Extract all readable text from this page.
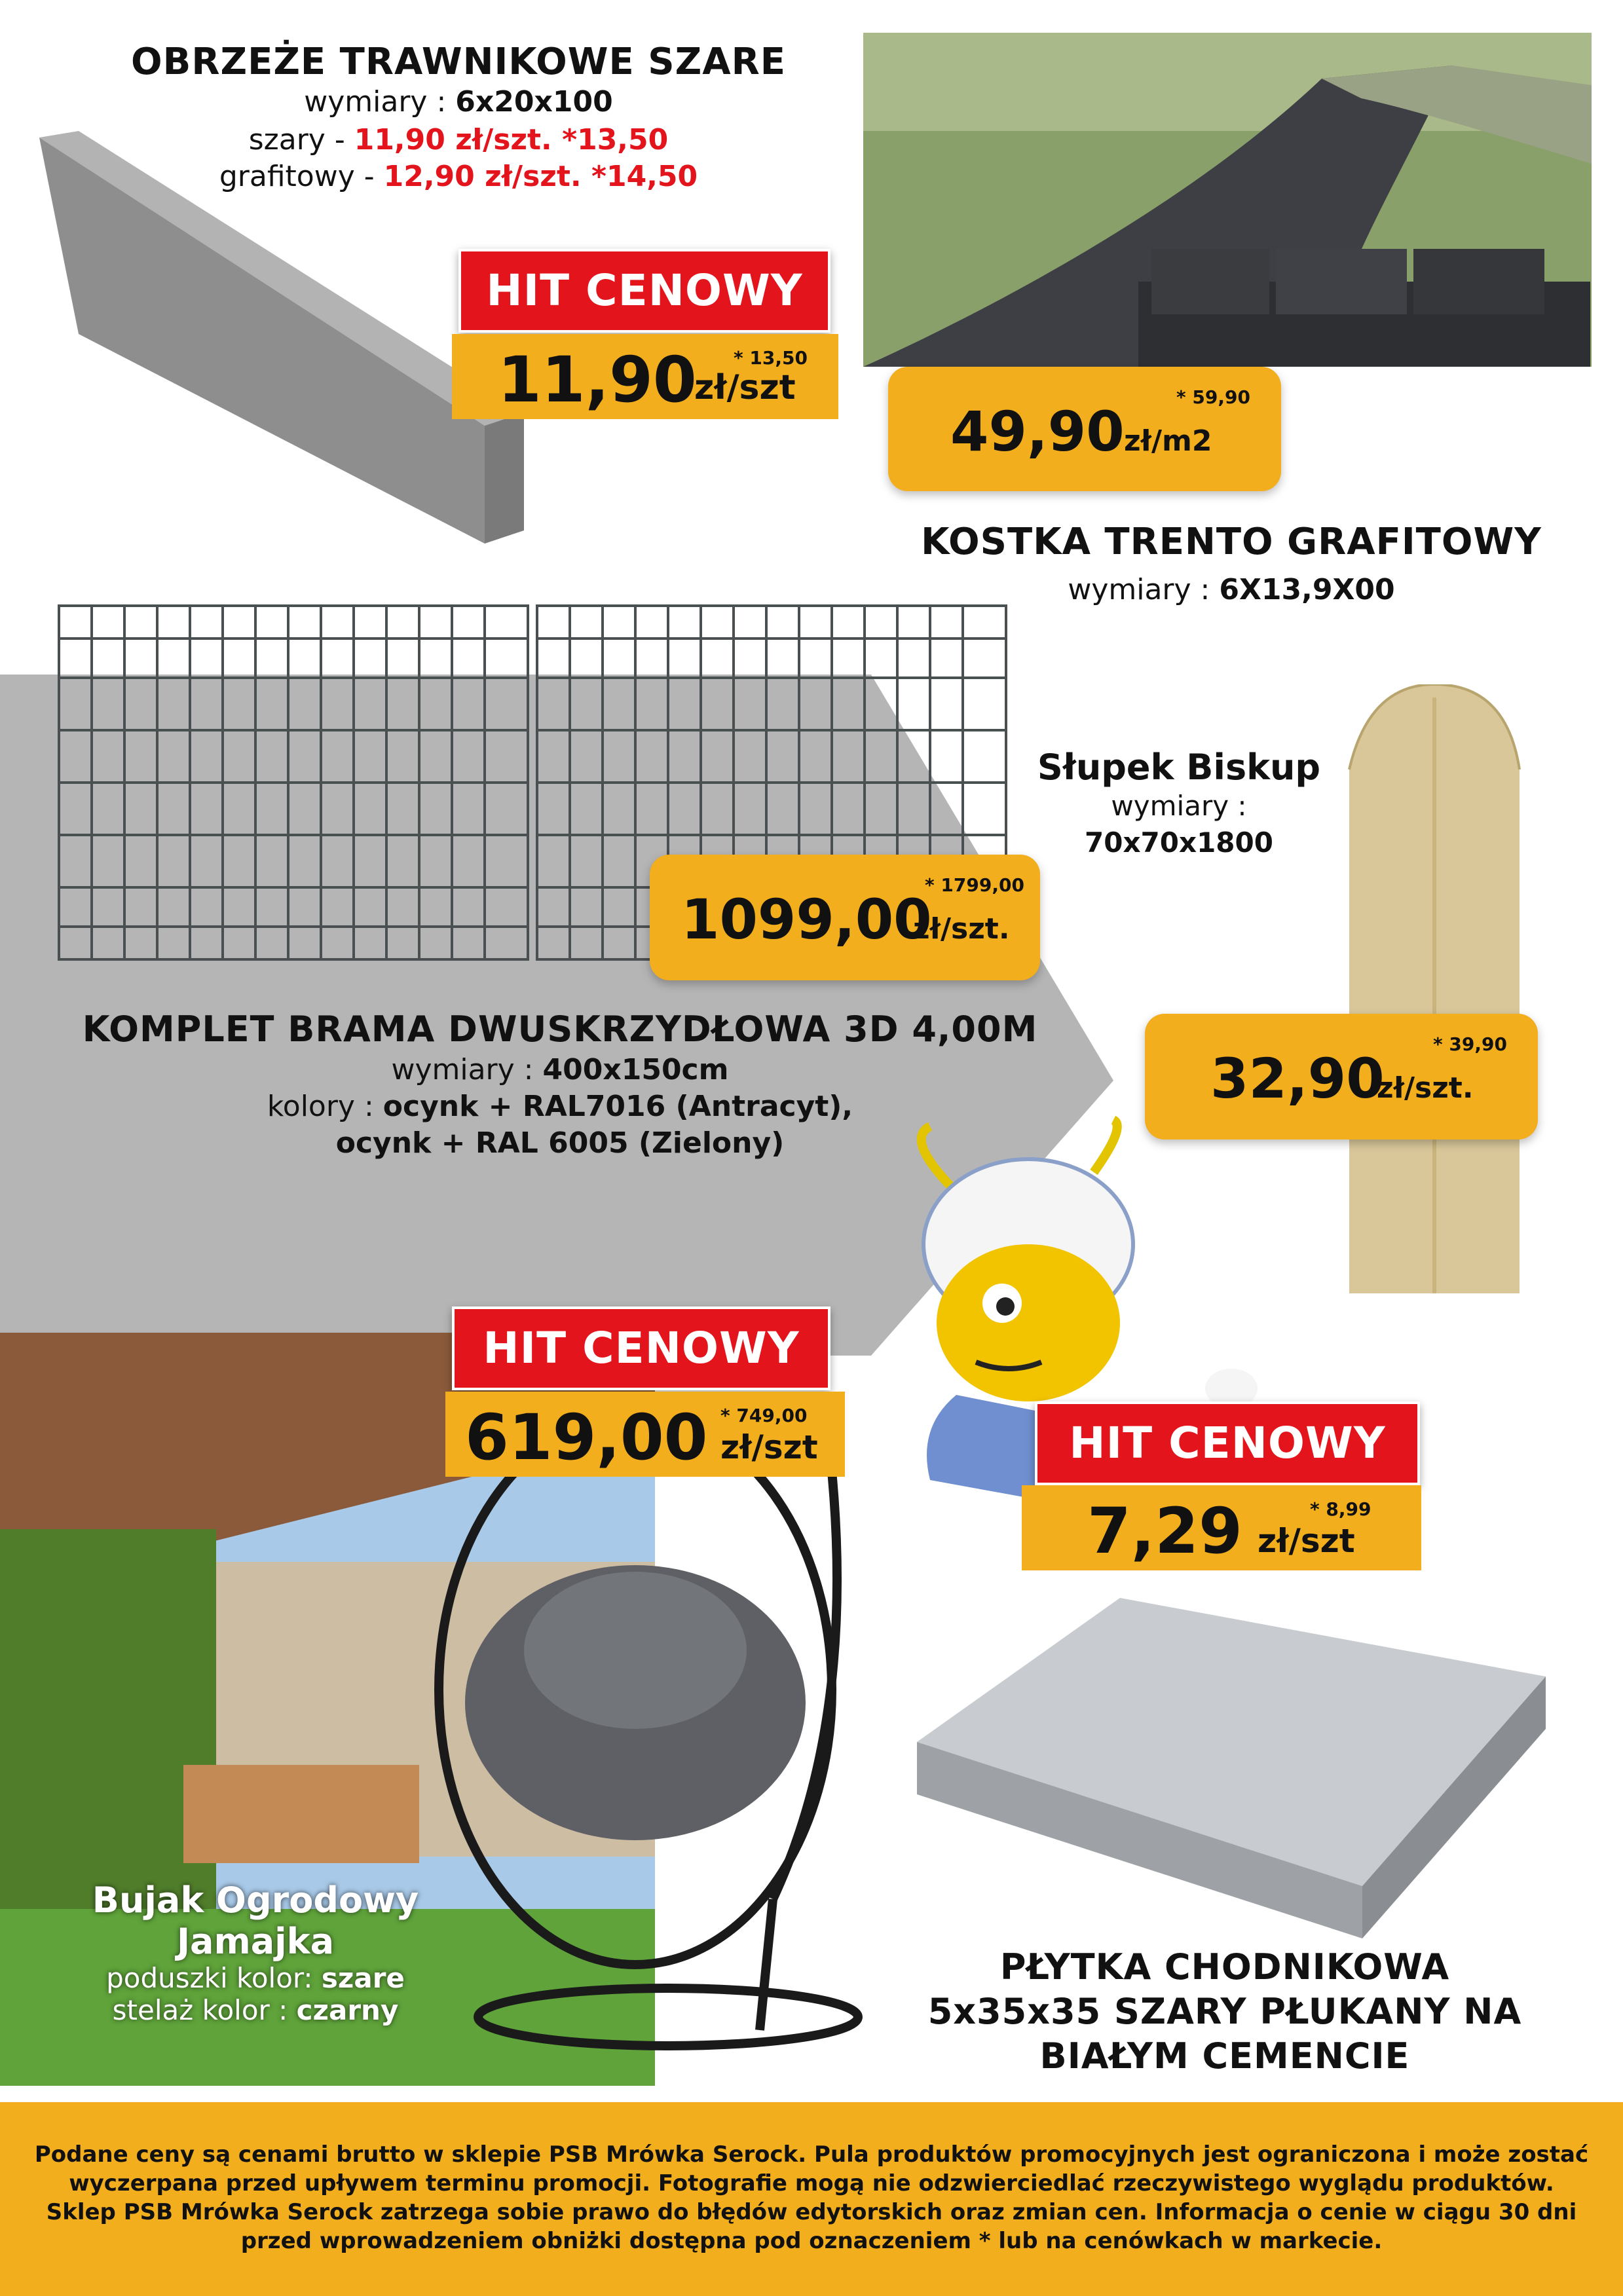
OBRZEŻE TRAWNIKOWE SZARE
wymiary : 6x20x100
szary - 11,90 zł/szt. *13,50
grafitowy - 12,90 zł/szt. *14,50
HIT CENOWY
11,90
zł/szt
* 13,50
49,90 zł/m2
* 59,90
KOSTKA TRENTO GRAFITOWY
wymiary : 6X13,9X00
1099,00
zł/szt.
* 1799,00
KOMPLET BRAMA DWUSKRZYDŁOWA 3D 4,00M
wymiary : 400x150cm
kolory : ocynk + RAL7016 (Antracyt),
ocynk + RAL 6005 (Zielony)
Słupek Biskup
wymiary :
70x70x1800
32,90
zł/szt.
* 39,90
HIT CENOWY
619,00 zł/szt
* 749,00
Bujak Ogrodowy
Jamajka
poduszki kolor: szare
stelaż kolor : czarny
HIT CENOWY
7,29 zł/szt
* 8,99
PŁYTKA CHODNIKOWA
5x35x35 SZARY PŁUKANY NA
BIAŁYM CEMENCIE

Podane ceny są cenami brutto w sklepie PSB Mrówka Serock. Pula produktów promocyjnych jest ograniczona i może zostać

wyczerpana przed upływem terminu promocji. Fotografie mogą nie odzwierciedlać rzeczywistego wyglądu produktów.

Sklep PSB Mrówka Serock zatrzega sobie prawo do błędów edytorskich oraz zmian cen. Informacja o cenie w ciągu 30 dni

przed wprowadzeniem obniżki dostępna pod oznaczeniem * lub na cenówkach w markecie.
